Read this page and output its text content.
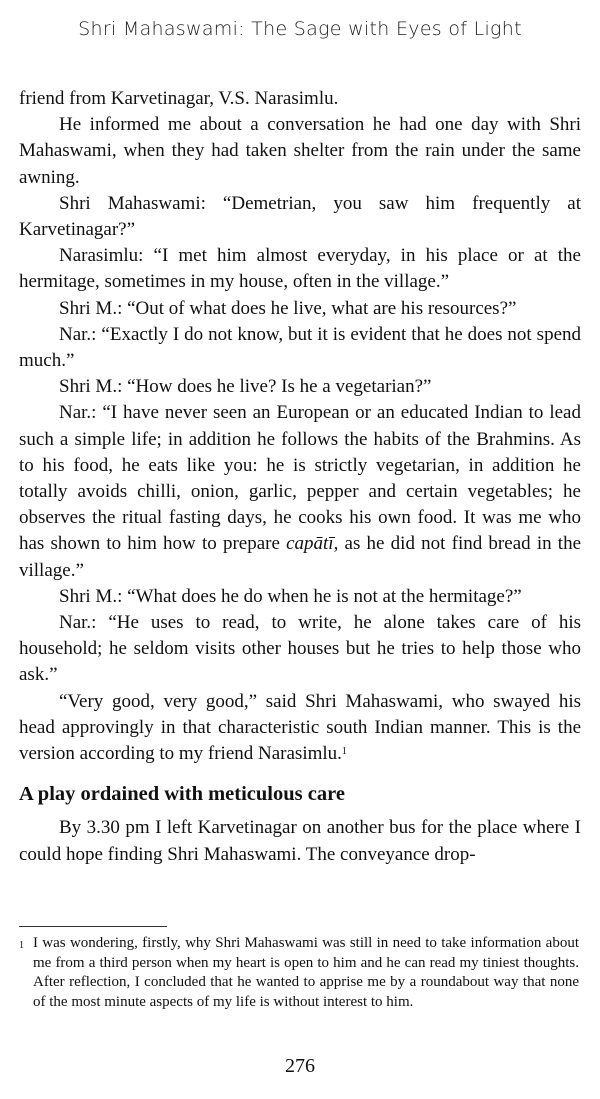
Shri Mahaswami: The Sage with Eyes of Light

friend from Karvetinagar, V.S. Narasimlu.

He informed me about a conversation he had one day with Shri Mahaswami, when they had taken shelter from the rain under the same awning.

Shri Mahaswami: “Demetrian, you saw him frequently at Karvetinagar?”

Narasimlu: “I met him almost everyday, in his place or at the hermitage, sometimes in my house, often in the village.”

Shri M.: “Out of what does he live, what are his resources?”

Nar.: “Exactly I do not know, but it is evident that he does not spend much.”

Shri M.: “How does he live? Is he a vegetarian?”

Nar.: “I have never seen an European or an educated Indian to lead such a simple life; in addition he follows the habits of the Brahmins. As to his food, he eats like you: he is strictly vegetarian, in addition he totally avoids chilli, onion, garlic, pepper and certain vegetables; he observes the ritual fasting days, he cooks his own food. It was me who has shown to him how to prepare capātī, as he did not find bread in the village.”

Shri M.: “What does he do when he is not at the hermitage?”

Nar.: “He uses to read, to write, he alone takes care of his household; he seldom visits other houses but he tries to help those who ask.”

“Very good, very good,” said Shri Mahaswami, who swayed his head approvingly in that characteristic south Indian manner. This is the version according to my friend Narasimlu.$^1$

A play ordained with meticulous care

By 3.30 pm I left Karvetinagar on another bus for the place where I could hope finding Shri Mahaswami. The conveyance drop-

$^1$ I was wondering, firstly, why Shri Mahaswami was still in need to take information about me from a third person when my heart is open to him and he can read my tiniest thoughts. After reflection, I concluded that he wanted to apprise me by a roundabout way that none of the most minute aspects of my life is without interest to him.
276
